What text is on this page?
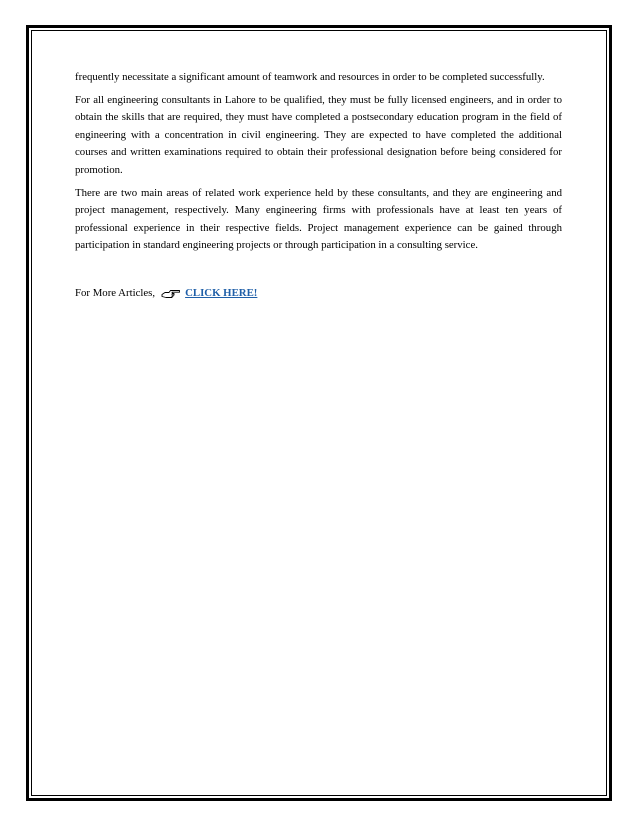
frequently necessitate a significant amount of teamwork and resources in order to be completed successfully.

For all engineering consultants in Lahore to be qualified, they must be fully licensed engineers, and in order to obtain the skills that are required, they must have completed a postsecondary education program in the field of engineering with a concentration in civil engineering. They are expected to have completed the additional courses and written examinations required to obtain their professional designation before being considered for promotion.

There are two main areas of related work experience held by these consultants, and they are engineering and project management, respectively. Many engineering firms with professionals have at least ten years of professional experience in their respective fields. Project management experience can be gained through participation in standard engineering projects or through participation in a consulting service.

For More Articles,	CLICK HERE!
